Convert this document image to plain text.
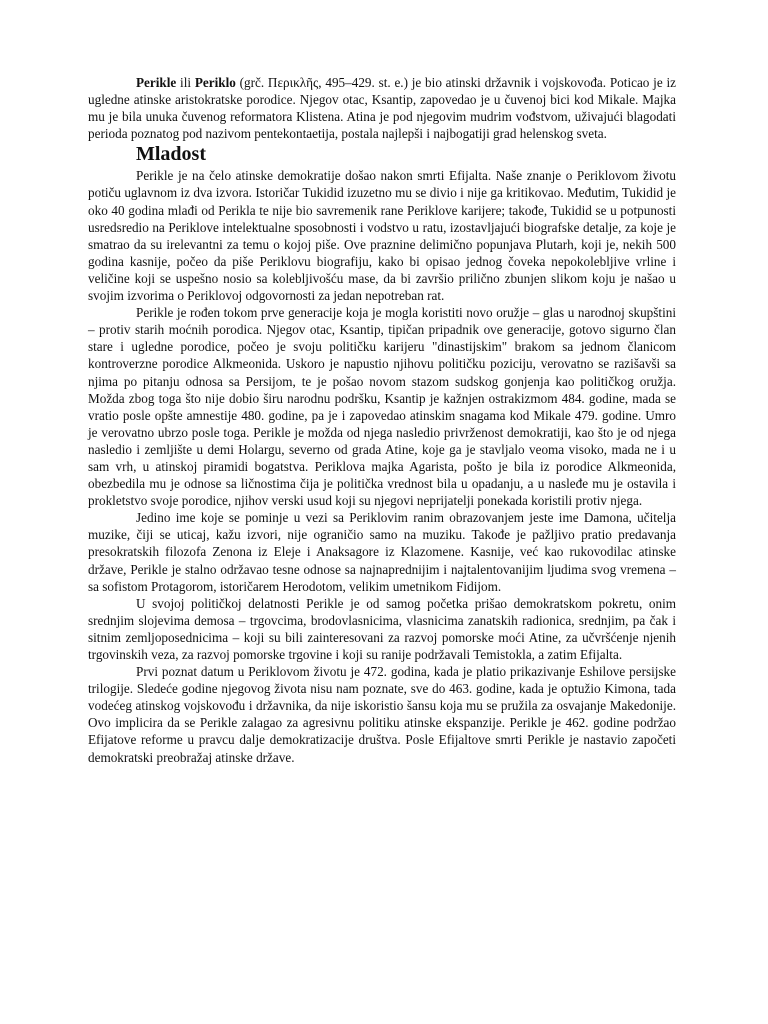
Perikle ili Periklo (grč. Περικλῆς, 495–429. st. e.) je bio atinski državnik i vojskovođa. Poticao je iz ugledne atinske aristokratske porodice. Njegov otac, Ksantip, zapovedao je u čuvenoj bici kod Mikale. Majka mu je bila unuka čuvenog reformatora Klistena. Atina je pod njegovim mudrim vođstvom, uživajući blagodati perioda poznatog pod nazivom pentekontaetija, postala najlepši i najbogatiji grad helenskog sveta.

Mladost

Perikle je na čelo atinske demokratije došao nakon smrti Efijalta. Naše znanje o Periklovom životu potiču uglavnom iz dva izvora. Istoričar Tukidid izuzetno mu se divio i nije ga kritikovao. Međutim, Tukidid je oko 40 godina mlađi od Perikla te nije bio savremenik rane Periklove karijere; takođe, Tukidid se u potpunosti usredsredio na Periklove intelektualne sposobnosti i vodstvo u ratu, izostavljajući biografske detalje, za koje je smatrao da su irelevantni za temu o kojoj piše. Ove praznine delimično popunjava Plutarh, koji je, nekih 500 godina kasnije, počeo da piše Periklovu biografiju, kako bi opisao jednog čoveka nepokolebljive vrline i veličine koji se uspešno nosio sa kolebljivošću mase, da bi završio prilično zbunjen slikom koju je našao u svojim izvorima o Periklovoj odgovornosti za jedan nepotreban rat.

Perikle je rođen tokom prve generacije koja je mogla koristiti novo oružje – glas u narodnoj skupštini – protiv starih moćnih porodica. Njegov otac, Ksantip, tipičan pripadnik ove generacije, gotovo sigurno član stare i ugledne porodice, počeo je svoju političku karijeru "dinastijskim" brakom sa jednom članicom kontroverzne porodice Alkmeonida. Uskoro je napustio njihovu političku poziciju, verovatno se razišavši sa njima po pitanju odnosa sa Persijom, te je pošao novom stazom sudskog gonjenja kao političkog oružja. Možda zbog toga što nije dobio širu narodnu podršku, Ksantip je kažnjen ostrakizmom 484. godine, mada se vratio posle opšte amnestije 480. godine, pa je i zapovedao atinskim snagama kod Mikale 479. godine. Umro je verovatno ubrzo posle toga. Perikle je možda od njega nasledio privrženost demokratiji, kao što je od njega nasledio i zemljište u demi Holargu, severno od grada Atine, koje ga je stavljalo veoma visoko, mada ne i u sam vrh, u atinskoj piramidi bogatstva. Periklova majka Agarista, pošto je bila iz porodice Alkmeonida, obezbedila mu je odnose sa ličnostima čija je politička vrednost bila u opadanju, a u nasleđe mu je ostavila i prokletstvo svoje porodice, njihov verski usud koji su njegovi neprijatelji ponekada koristili protiv njega.

Jedino ime koje se pominje u vezi sa Periklovim ranim obrazovanjem jeste ime Damona, učitelja muzike, čiji se uticaj, kažu izvori, nije ograničio samo na muziku. Takođe je pažljivo pratio predavanja presokratskih filozofa Zenona iz Eleje i Anaksagore iz Klazomene. Kasnije, već kao rukovodilac atinske države, Perikle je stalno održavao tesne odnose sa najnaprednijim i najtalentovanijim ljudima svog vremena – sa sofistom Protagorom, istoričarem Herodotom, velikim umetnikom Fidijom.

U svojoj političkoj delatnosti Perikle je od samog početka prišao demokratskom pokretu, onim srednjim slojevima demosa – trgovcima, brodovlasnicima, vlasnicima zanatskih radionica, srednjim, pa čak i sitnim zemljoposednicima – koji su bili zainteresovani za razvoj pomorske moći Atine, za učvršćenje njenih trgovinskih veza, za razvoj pomorske trgovine i koji su ranije podržavali Temistokla, a zatim Efijalta.

Prvi poznat datum u Periklovom životu je 472. godina, kada je platio prikazivanje Eshilove persijske trilogije. Sledeće godine njegovog života nisu nam poznate, sve do 463. godine, kada je optužio Kimona, tada vodećeg atinskog vojskovođu i državnika, da nije iskoristio šansu koja mu se pružila za osvajanje Makedonije. Ovo implicira da se Perikle zalagao za agresivnu politiku atinske ekspanzije. Perikle je 462. godine podržao Efijatove reforme u pravcu dalje demokratizacije društva. Posle Efijaltove smrti Perikle je nastavio započeti demokratski preobražaj atinske države.
